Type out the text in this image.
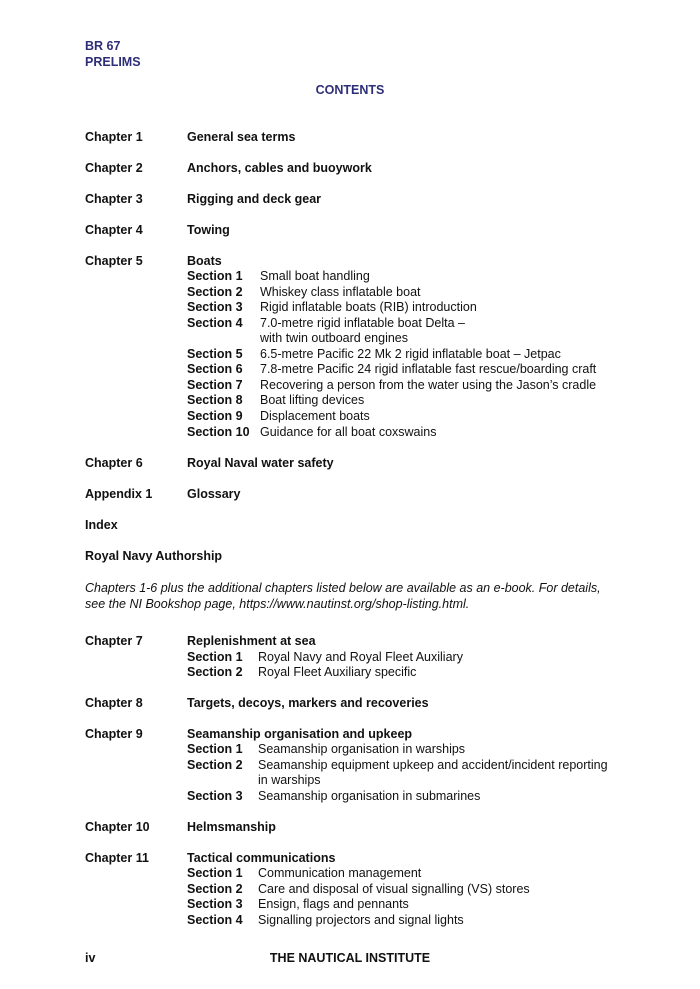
BR 67
PRELIMS
CONTENTS
Chapter 1	General sea terms
Chapter 2	Anchors, cables and buoywork
Chapter 3	Rigging and deck gear
Chapter 4	Towing
Chapter 5	Boats
Section 1 Small boat handling
Section 2 Whiskey class inflatable boat
Section 3 Rigid inflatable boats (RIB) introduction
Section 4 7.0-metre rigid inflatable boat Delta –
with twin outboard engines
Section 5 6.5-metre Pacific 22 Mk 2 rigid inflatable boat – Jetpac
Section 6 7.8-metre Pacific 24 rigid inflatable fast rescue/boarding craft
Section 7 Recovering a person from the water using the Jason’s cradle
Section 8 Boat lifting devices
Section 9 Displacement boats
Section 10 Guidance for all boat coxswains
Chapter 6	Royal Naval water safety
Appendix 1	Glossary
Index
Royal Navy Authorship
Chapters 1-6 plus the additional chapters listed below are available as an e-book. For details,
see the NI Bookshop page, https://www.nautinst.org/shop-listing.html.
Chapter 7	Replenishment at sea
Section 1 Royal Navy and Royal Fleet Auxiliary
Section 2 Royal Fleet Auxiliary specific
Chapter 8	Targets, decoys, markers and recoveries
Chapter 9	Seamanship organisation and upkeep
Section 1 Seamanship organisation in warships
Section 2 Seamanship equipment upkeep and accident/incident reporting
in warships
Section 3 Seamanship organisation in submarines
Chapter 10	Helmsmanship
Chapter 11	Tactical communications
Section 1 Communication management
Section 2 Care and disposal of visual signalling (VS) stores
Section 3 Ensign, flags and pennants
Section 4 Signalling projectors and signal lights
iv	THE NAUTICAL INSTITUTE
